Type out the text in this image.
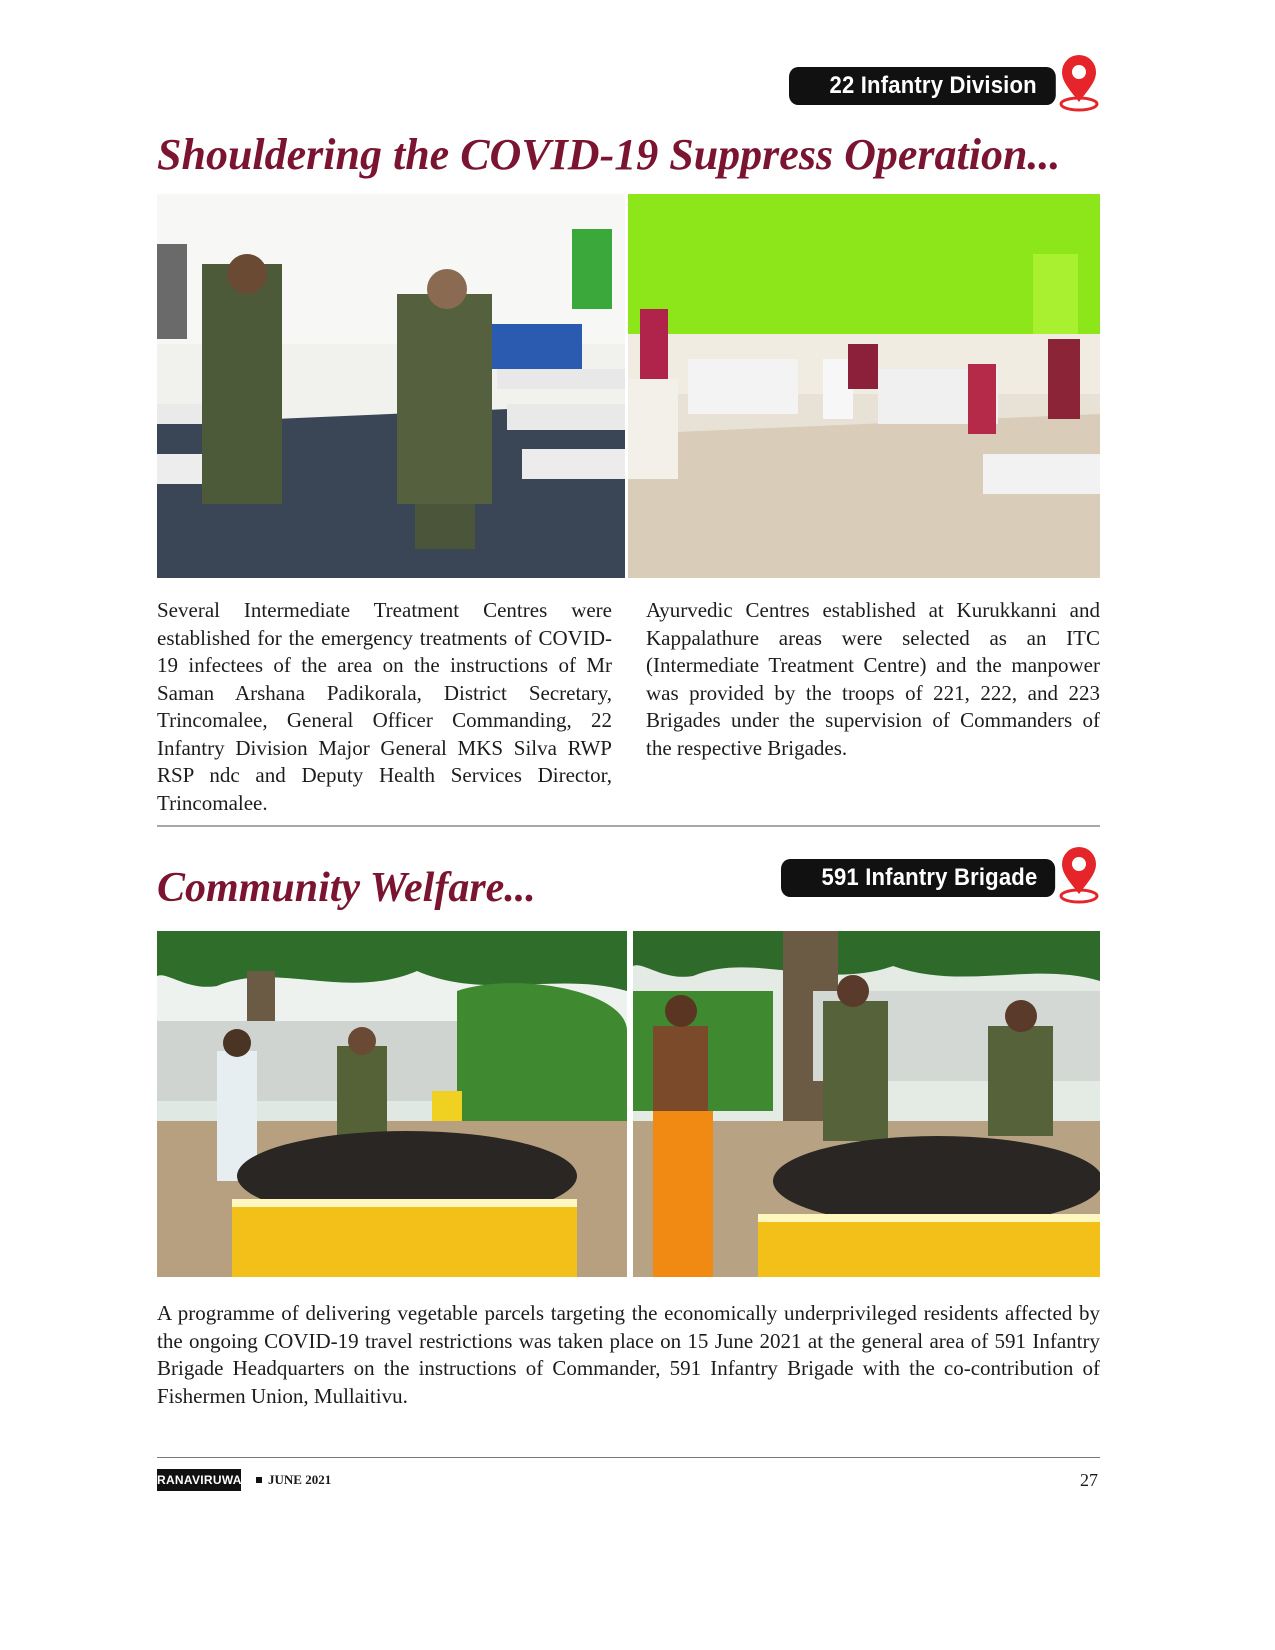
22 Infantry Division
Shouldering the COVID-19 Suppress Operation...
Several Intermediate Treatment Centres were established for the emergency treatments of COVID-19 infectees of the area on the instructions of Mr Saman Arshana Padikorala, District Secretary, Trincomalee, General Officer Commanding, 22 Infantry Division Major General MKS Silva RWP RSP ndc and Deputy Health Services Director, Trincomalee.
Ayurvedic Centres established at Kurukkanni and Kappalathure areas were selected as an ITC (Intermediate Treatment Centre) and the manpower was provided by the troops of 221, 222, and 223 Brigades under the supervision of Commanders of the respective Brigades.
Community Welfare...	591 Infantry Brigade
A programme of delivering vegetable parcels targeting the economically underprivileged residents affected by the ongoing COVID-19 travel restrictions was taken place on 15 June 2021 at the general area of 591 Infantry Brigade Headquarters on the instructions of Commander, 591 Infantry Brigade with the co-contribution of Fishermen Union, Mullaitivu.
RANAVIRUWA JUNE 2021	27
